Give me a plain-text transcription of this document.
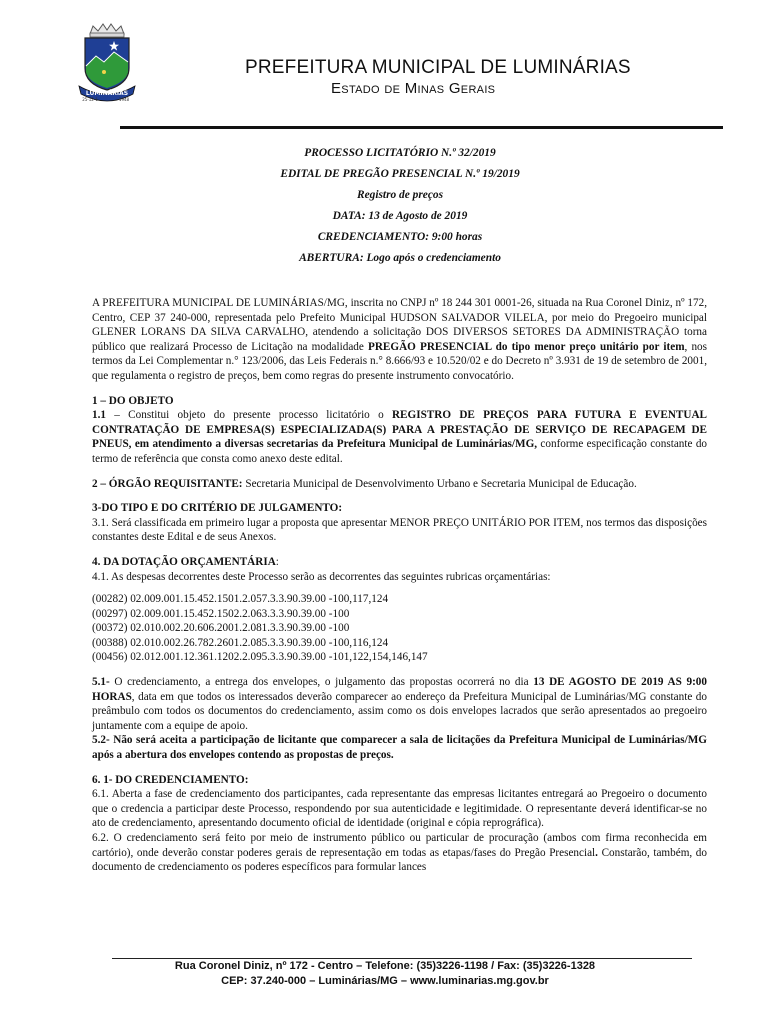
LUMINÁRIAS
25-12-1	1948
PREFEITURA MUNICIPAL DE LUMINÁRIAS
Estado de Minas Gerais
PROCESSO LICITATÓRIO N.º 32/2019
EDITAL DE PREGÃO PRESENCIAL N.º 19/2019
Registro de preços
DATA: 13 de Agosto de 2019
CREDENCIAMENTO: 9:00 horas
ABERTURA: Logo após o credenciamento

A PREFEITURA MUNICIPAL DE LUMINÁRIAS/MG, inscrita no CNPJ nº 18 244 301 0001-26, situada na Rua Coronel Diniz, nº 172, Centro, CEP 37 240-000, representada pelo Prefeito Municipal HUDSON SALVADOR VILELA, por meio do Pregoeiro municipal GLENER LORANS DA SILVA CARVALHO, atendendo a solicitação DOS DIVERSOS SETORES DA ADMINISTRAÇÃO torna público que realizará Processo de Licitação na modalidade PREGÃO PRESENCIAL do tipo menor preço unitário por item, nos termos da Lei Complementar n.° 123/2006, das Leis Federais n.° 8.666/93 e 10.520/02 e do Decreto nº 3.931 de 19 de setembro de 2001, que regulamenta o registro de preços, bem como regras do presente instrumento convocatório.

1 – DO OBJETO

1.1 – Constitui objeto do presente processo licitatório o REGISTRO DE PREÇOS PARA FUTURA E EVENTUAL CONTRATAÇÃO DE EMPRESA(S) ESPECIALIZADA(S) PARA A PRESTAÇÃO DE SERVIÇO DE RECAPAGEM DE PNEUS, em atendimento a diversas secretarias da Prefeitura Municipal de Luminárias/MG, conforme especificação constante do termo de referência que consta como anexo deste edital.

2 – ÓRGÃO REQUISITANTE: Secretaria Municipal de Desenvolvimento Urbano e Secretaria Municipal de Educação.

3-DO TIPO E DO CRITÉRIO DE JULGAMENTO:

3.1. Será classificada em primeiro lugar a proposta que apresentar MENOR PREÇO UNITÁRIO POR ITEM, nos termos das disposições constantes deste Edital e de seus Anexos.

4. DA DOTAÇÃO ORÇAMENTÁRIA:

4.1. As despesas decorrentes deste Processo serão as decorrentes das seguintes rubricas orçamentárias:

(00282) 02.009.001.15.452.1501.2.057.3.3.90.39.00 -100,117,124

(00297) 02.009.001.15.452.1502.2.063.3.3.90.39.00 -100

(00372) 02.010.002.20.606.2001.2.081.3.3.90.39.00 -100

(00388) 02.010.002.26.782.2601.2.085.3.3.90.39.00 -100,116,124

(00456) 02.012.001.12.361.1202.2.095.3.3.90.39.00 -101,122,154,146,147

5.1- O credenciamento, a entrega dos envelopes, o julgamento das propostas ocorrerá no dia 13 DE AGOSTO DE 2019 AS 9:00 HORAS, data em que todos os interessados deverão comparecer ao endereço da Prefeitura Municipal de Luminárias/MG constante do preâmbulo com todos os documentos do credenciamento, assim como os dois envelopes lacrados que serão apresentados ao pregoeiro juntamente com a equipe de apoio.

5.2- Não será aceita a participação de licitante que comparecer a sala de licitações da Prefeitura Municipal de Luminárias/MG após a abertura dos envelopes contendo as propostas de preços.

6. 1- DO CREDENCIAMENTO:

6.1. Aberta a fase de credenciamento dos participantes, cada representante das empresas licitantes entregará ao Pregoeiro o documento que o credencia a participar deste Processo, respondendo por sua autenticidade e legitimidade. O representante deverá identificar-se no ato de credenciamento, apresentando documento oficial de identidade (original e cópia reprográfica).

6.2. O credenciamento será feito por meio de instrumento público ou particular de procuração (ambos com firma reconhecida em cartório), onde deverão constar poderes gerais de representação em todas as etapas/fases do Pregão Presencial. Constarão, também, do documento de credenciamento os poderes específicos para formular lances

Rua Coronel Diniz, nº 172 - Centro – Telefone: (35)3226-1198 / Fax: (35)3226-1328
CEP: 37.240-000 – Luminárias/MG – www.luminarias.mg.gov.br
